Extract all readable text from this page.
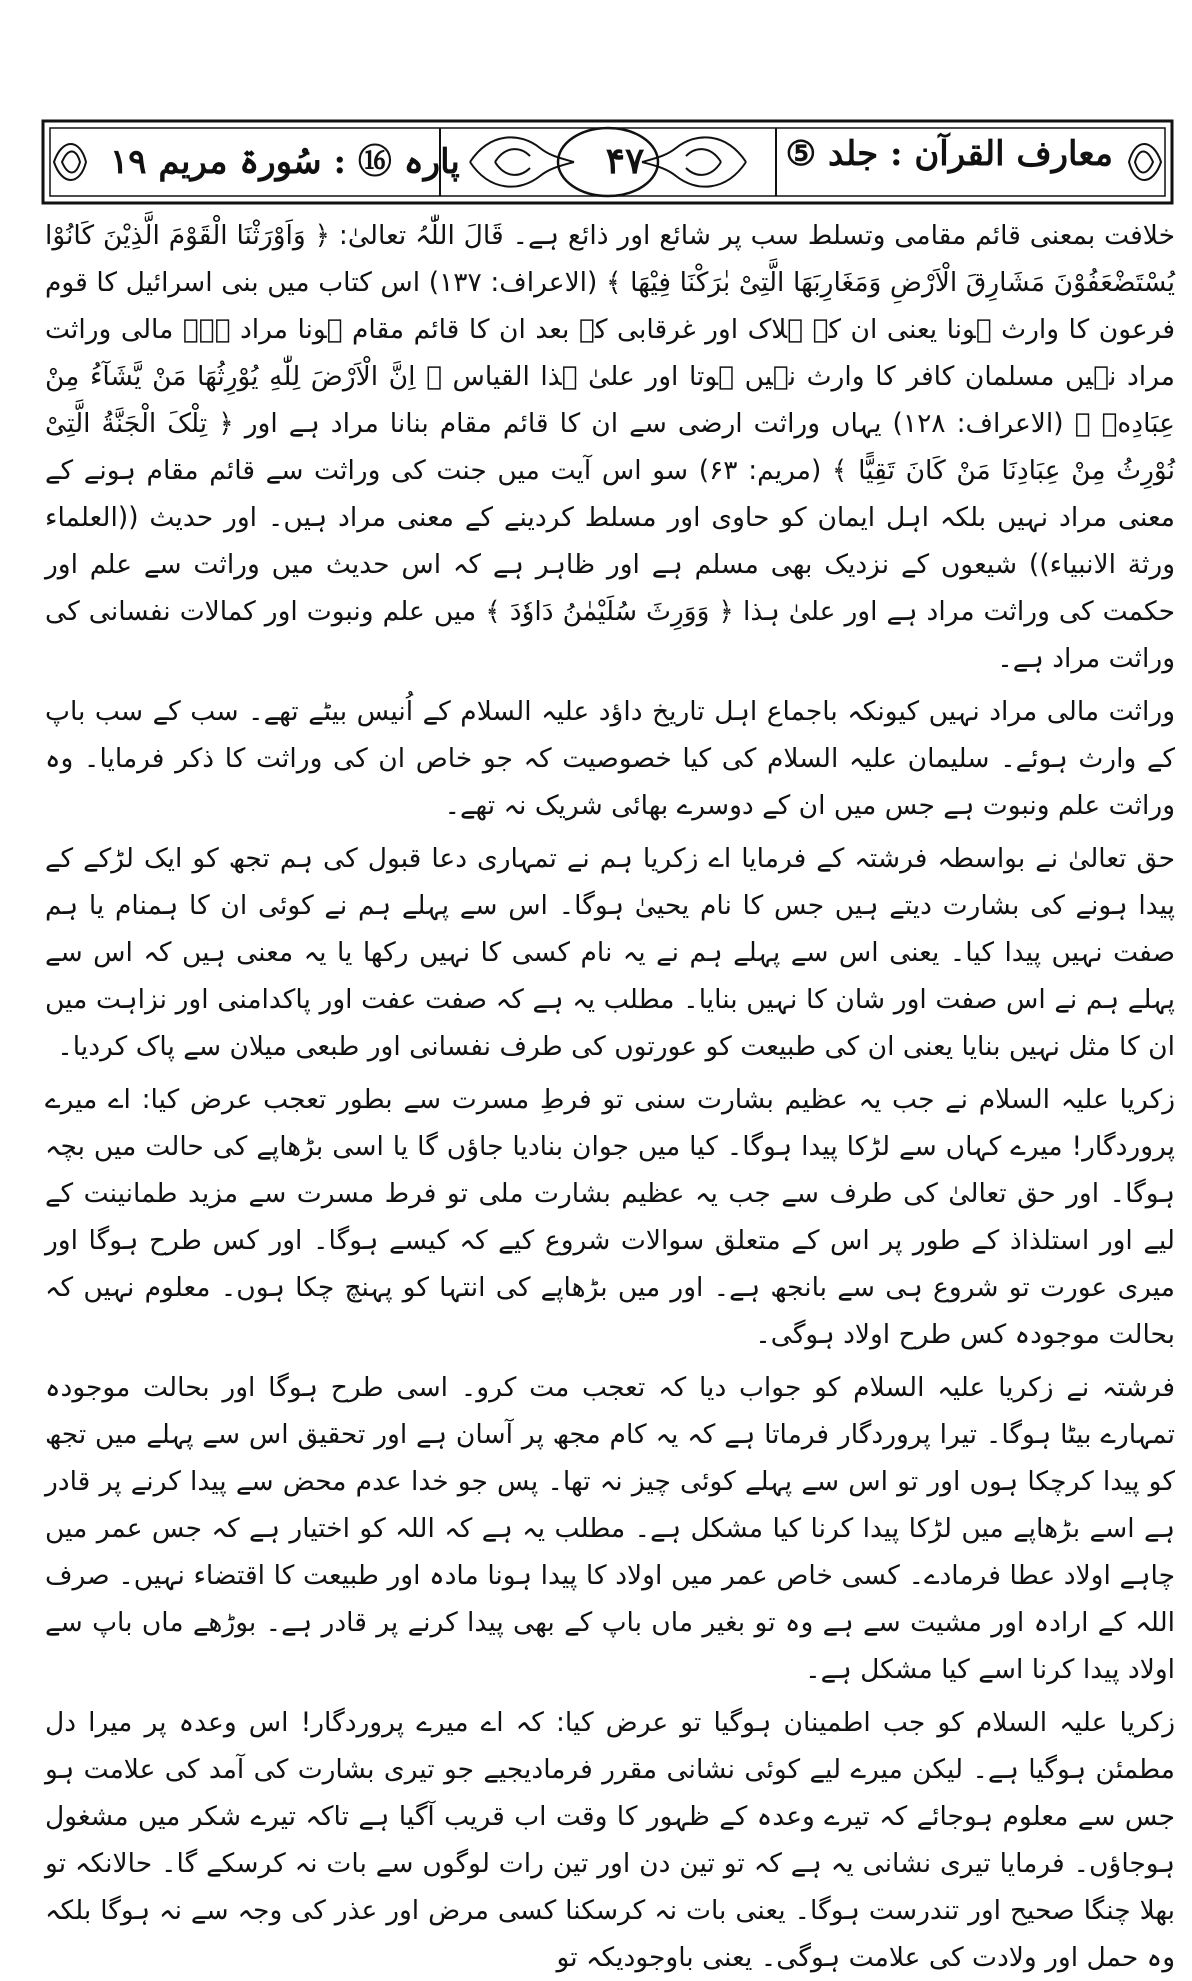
معارف القرآن : جلد ⑤
۴۷
پارہ ⑯ : سُورۃ مریم ۱۹

خلافت بمعنی قائم مقامی وتسلط سب پر شائع اور ذائع ہے۔ قَالَ اللّٰہُ تعالیٰ: ﴿ وَاَوْرَثْنَا الْقَوْمَ الَّذِیْنَ کَانُوْا یُسْتَضْعَفُوْنَ مَشَارِقَ الْاَرْضِ وَمَغَارِبَهَا الَّتِیْ بٰرَکْنَا فِیْهَا ﴾ (الاعراف: ۱۳۷) اس کتاب میں بنی اسرائیل کا قوم فرعون کا وارث ہونا یعنی ان کے ہلاک اور غرقابی کے بعد ان کا قائم مقام ہونا مراد ہے۔ مالی وراثت مراد نہیں مسلمان کافر کا وارث نہیں ہوتا اور علیٰ ہذا القیاس ﴿ اِنَّ الْاَرْضَ لِلّٰهِ یُوْرِثُهَا مَنْ یَّشَآءُ مِنْ عِبَادِهٖ ﴾ (الاعراف: ۱۲۸) یہاں وراثت ارضی سے ان کا قائم مقام بنانا مراد ہے اور ﴿ تِلْکَ الْجَنَّةُ الَّتِیْ نُوْرِثُ مِنْ عِبَادِنَا مَنْ کَانَ تَقِیًّا ﴾ (مریم: ۶۳) سو اس آیت میں جنت کی وراثت سے قائم مقام ہونے کے معنی مراد نہیں بلکہ اہل ایمان کو حاوی اور مسلط کردینے کے معنی مراد ہیں۔ اور حدیث ((العلماء ورثة الانبیاء)) شیعوں کے نزدیک بھی مسلم ہے اور ظاہر ہے کہ اس حدیث میں وراثت سے علم اور حکمت کی وراثت مراد ہے اور علیٰ ہذا ﴿ وَوَرِثَ سُلَیْمٰنُ دَاوٗدَ ﴾ میں علم ونبوت اور کمالات نفسانی کی وراثت مراد ہے۔

وراثت مالی مراد نہیں کیونکہ باجماع اہل تاریخ داؤد علیہ السلام کے اُنیس بیٹے تھے۔ سب کے سب باپ کے وارث ہوئے۔ سلیمان علیہ السلام کی کیا خصوصیت کہ جو خاص ان کی وراثت کا ذکر فرمایا۔ وہ وراثت علم ونبوت ہے جس میں ان کے دوسرے بھائی شریک نہ تھے۔

حق تعالیٰ نے بواسطہ فرشتہ کے فرمایا اے زکریا ہم نے تمہاری دعا قبول کی ہم تجھ کو ایک لڑکے کے پیدا ہونے کی بشارت دیتے ہیں جس کا نام یحییٰ ہوگا۔ اس سے پہلے ہم نے کوئی ان کا ہمنام یا ہم صفت نہیں پیدا کیا۔ یعنی اس سے پہلے ہم نے یہ نام کسی کا نہیں رکھا یا یہ معنی ہیں کہ اس سے پہلے ہم نے اس صفت اور شان کا نہیں بنایا۔ مطلب یہ ہے کہ صفت عفت اور پاکدامنی اور نزاہت میں ان کا مثل نہیں بنایا یعنی ان کی طبیعت کو عورتوں کی طرف نفسانی اور طبعی میلان سے پاک کردیا۔

زکریا علیہ السلام نے جب یہ عظیم بشارت سنی تو فرطِ مسرت سے بطور تعجب عرض کیا: اے میرے پروردگار! میرے کہاں سے لڑکا پیدا ہوگا۔ کیا میں جوان بنادیا جاؤں گا یا اسی بڑھاپے کی حالت میں بچہ ہوگا۔ اور حق تعالیٰ کی طرف سے جب یہ عظیم بشارت ملی تو فرط مسرت سے مزید طمانینت کے لیے اور استلذاذ کے طور پر اس کے متعلق سوالات شروع کیے کہ کیسے ہوگا۔ اور کس طرح ہوگا اور میری عورت تو شروع ہی سے بانجھ ہے۔ اور میں بڑھاپے کی انتہا کو پہنچ چکا ہوں۔ معلوم نہیں کہ بحالت موجودہ کس طرح اولاد ہوگی۔

فرشتہ نے زکریا علیہ السلام کو جواب دیا کہ تعجب مت کرو۔ اسی طرح ہوگا اور بحالت موجودہ تمہارے بیٹا ہوگا۔ تیرا پروردگار فرماتا ہے کہ یہ کام مجھ پر آسان ہے اور تحقیق اس سے پہلے میں تجھ کو پیدا کرچکا ہوں اور تو اس سے پہلے کوئی چیز نہ تھا۔ پس جو خدا عدم محض سے پیدا کرنے پر قادر ہے اسے بڑھاپے میں لڑکا پیدا کرنا کیا مشکل ہے۔ مطلب یہ ہے کہ اللہ کو اختیار ہے کہ جس عمر میں چاہے اولاد عطا فرمادے۔ کسی خاص عمر میں اولاد کا پیدا ہونا مادہ اور طبیعت کا اقتضاء نہیں۔ صرف اللہ کے ارادہ اور مشیت سے ہے وہ تو بغیر ماں باپ کے بھی پیدا کرنے پر قادر ہے۔ بوڑھے ماں باپ سے اولاد پیدا کرنا اسے کیا مشکل ہے۔

زکریا علیہ السلام کو جب اطمینان ہوگیا تو عرض کیا: کہ اے میرے پروردگار! اس وعدہ پر میرا دل مطمئن ہوگیا ہے۔ لیکن میرے لیے کوئی نشانی مقرر فرمادیجیے جو تیری بشارت کی آمد کی علامت ہو جس سے معلوم ہوجائے کہ تیرے وعدہ کے ظہور کا وقت اب قریب آگیا ہے تاکہ تیرے شکر میں مشغول ہوجاؤں۔ فرمایا تیری نشانی یہ ہے کہ تو تین دن اور تین رات لوگوں سے بات نہ کرسکے گا۔ حالانکہ تو بھلا چنگا صحیح اور تندرست ہوگا۔ یعنی بات نہ کرسکنا کسی مرض اور عذر کی وجہ سے نہ ہوگا بلکہ وہ حمل اور ولادت کی علامت ہوگی۔ یعنی باوجودیکہ تو
